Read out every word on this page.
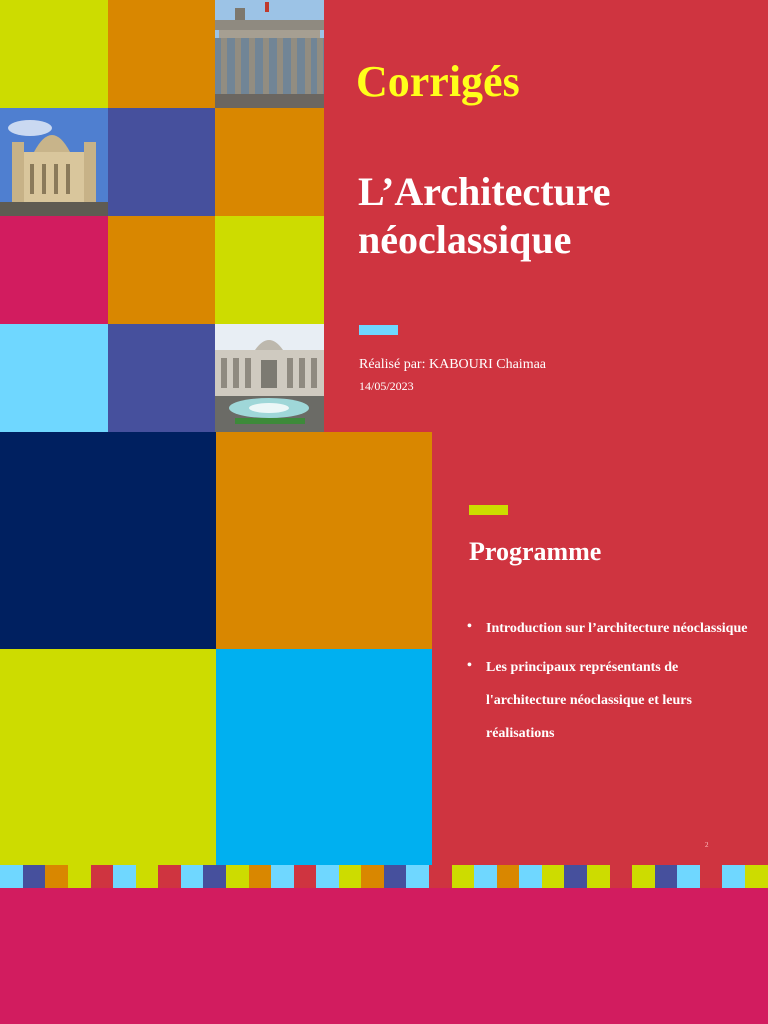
Corrigés
L’Architecture
néoclassique
Réalisé par: KABOURI Chaimaa
14/05/2023
Programme
• Introduction sur l’architecture néoclassique
• Les principaux représentants de l'architecture néoclassique et leurs réalisations
2
